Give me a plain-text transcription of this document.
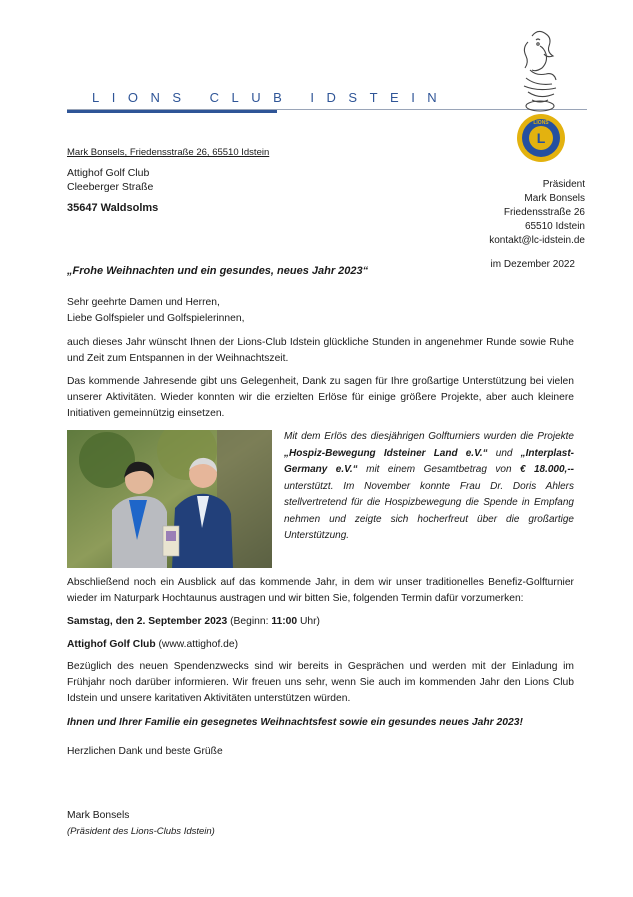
LIONS CLUB IDSTEIN
L
LIONS
Mark Bonsels, Friedensstraße 26, 65510 Idstein
Attighof Golf Club
Cleeberger Straße
35647 Waldsolms
Präsident
Mark Bonsels
Friedensstraße 26
65510 Idstein
kontakt@lc-idstein.de
im Dezember 2022
„Frohe Weihnachten und ein gesundes, neues Jahr 2023“
Sehr geehrte Damen und Herren,
Liebe Golfspieler und Golfspielerinnen,
auch dieses Jahr wünscht Ihnen der Lions-Club Idstein glückliche Stunden in angenehmer Runde sowie Ruhe und Zeit zum Entspannen in der Weihnachtszeit.
Das kommende Jahresende gibt uns Gelegenheit, Dank zu sagen für Ihre großartige Unterstützung bei vielen unserer Aktivitäten. Wieder konnten wir die erzielten Erlöse für einige größere Projekte, aber auch kleinere Initiativen gemeinnützig einsetzen.
Mit dem Erlös des diesjährigen Golfturniers wurden die Projekte „Hospiz-Bewegung Idsteiner Land e.V.“ und „Interplast-Germany e.V.“ mit einem Gesamtbetrag von € 18.000,-- unterstützt. Im November konnte Frau Dr. Doris Ahlers stellvertretend für die Hospizbewegung die Spende in Empfang nehmen und zeigte sich hocherfreut über die großartige Unterstützung.
Abschließend noch ein Ausblick auf das kommende Jahr, in dem wir unser traditionelles Benefiz-Golfturnier wieder im Naturpark Hochtaunus austragen und wir bitten Sie, folgenden Termin dafür vorzumerken:
Samstag, den 2. September 2023 (Beginn: 11:00 Uhr)
Attighof Golf Club (www.attighof.de)
Bezüglich des neuen Spendenzwecks sind wir bereits in Gesprächen und werden mit der Einladung im Frühjahr noch darüber informieren. Wir freuen uns sehr, wenn Sie auch im kommenden Jahr den Lions Club Idstein und unsere karitativen Aktivitäten unterstützen würden.
Ihnen und Ihrer Familie ein gesegnetes Weihnachtsfest sowie ein gesundes neues Jahr 2023!
Herzlichen Dank und beste Grüße
Mark Bonsels
(Präsident des Lions-Clubs Idstein)
